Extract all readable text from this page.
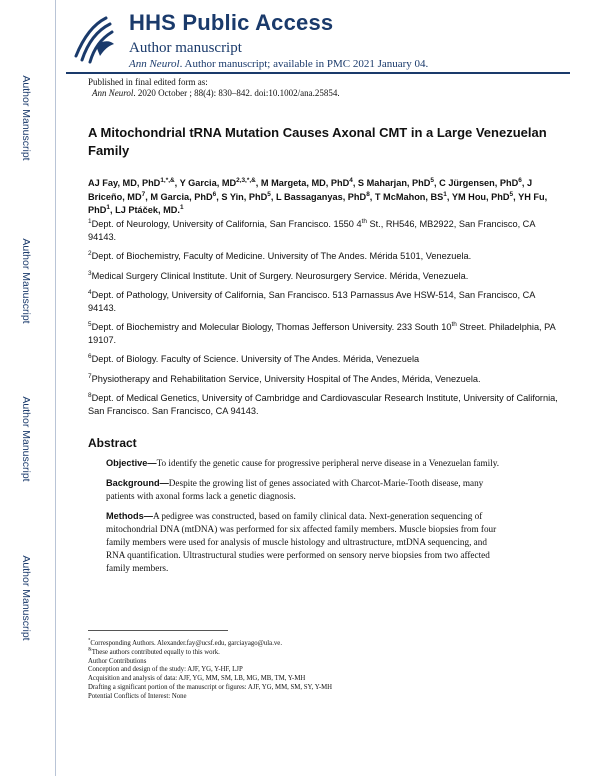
Author Manuscript
Author Manuscript
Author Manuscript
Author Manuscript
HHS Public Access
Author manuscript
Ann Neurol. Author manuscript; available in PMC 2021 January 04.
Published in final edited form as:
Ann Neurol. 2020 October ; 88(4): 830–842. doi:10.1002/ana.25854.
A Mitochondrial tRNA Mutation Causes Axonal CMT in a Large Venezuelan Family
AJ Fay, MD, PhD$^{1,*,\&}$, Y Garcia, $MD^{2,3,*,\&}$, M Margeta, MD, PhD$^4$, S Maharjan, PhD$^5$, C Jürgensen, PhD$^6$, J Briceño, $MD^7$, M Garcia, PhD$^6$, S Yin, PhD$^5$, L Bassaganyas, PhD$^8$, T McMahon, $BS^1$, YM Hou, PhD$^5$, YH Fu, PhD$^1$, LJ Ptáček, MD.$^1$
$^1$Dept. of Neurology, University of California, San Francisco. 1550 4th St., RH546, MB2922, San Francisco, CA 94143.
$^2$Dept. of Biochemistry, Faculty of Medicine. University of The Andes. Mérida 5101, Venezuela.
$^3$Medical Surgery Clinical Institute. Unit of Surgery. Neurosurgery Service. Mérida, Venezuela.
$^4$Dept. of Pathology, University of California, San Francisco. 513 Parnassus Ave HSW-514, San Francisco, CA 94143.
$^5$Dept. of Biochemistry and Molecular Biology, Thomas Jefferson University. 233 South 10th Street. Philadelphia, PA 19107.
$^6$Dept. of Biology. Faculty of Science. University of The Andes. Mérida, Venezuela
$^7$Physiotherapy and Rehabilitation Service, University Hospital of The Andes, Mérida, Venezuela.
$^8$Dept. of Medical Genetics, University of Cambridge and Cardiovascular Research Institute, University of California, San Francisco. San Francisco, CA 94143.
Abstract
Objective—To identify the genetic cause for progressive peripheral nerve disease in a Venezuelan family.
Background—Despite the growing list of genes associated with Charcot-Marie-Tooth disease, many patients with axonal forms lack a genetic diagnosis.
Methods—A pedigree was constructed, based on family clinical data. Next-generation sequencing of mitochondrial DNA (mtDNA) was performed for six affected family members. Muscle biopsies from four family members were used for analysis of muscle histology and ultrastructure, mtDNA sequencing, and RNA quantification. Ultrastructural studies were performed on sensory nerve biopsies from two affected family members.
*Corresponding Authors. Alexander.fay@ucsf.edu, garciayago@ula.ve.
&These authors contributed equally to this work.
Author Contributions
Conception and design of the study: AJF, YG, Y-HF, LJP
Acquisition and analysis of data: AJF, YG, MM, SM, LB, MG, MB, TM, Y-MH
Drafting a significant portion of the manuscript or figures: AJF, YG, MM, SM, SY, Y-MH
Potential Conflicts of Interest: None
